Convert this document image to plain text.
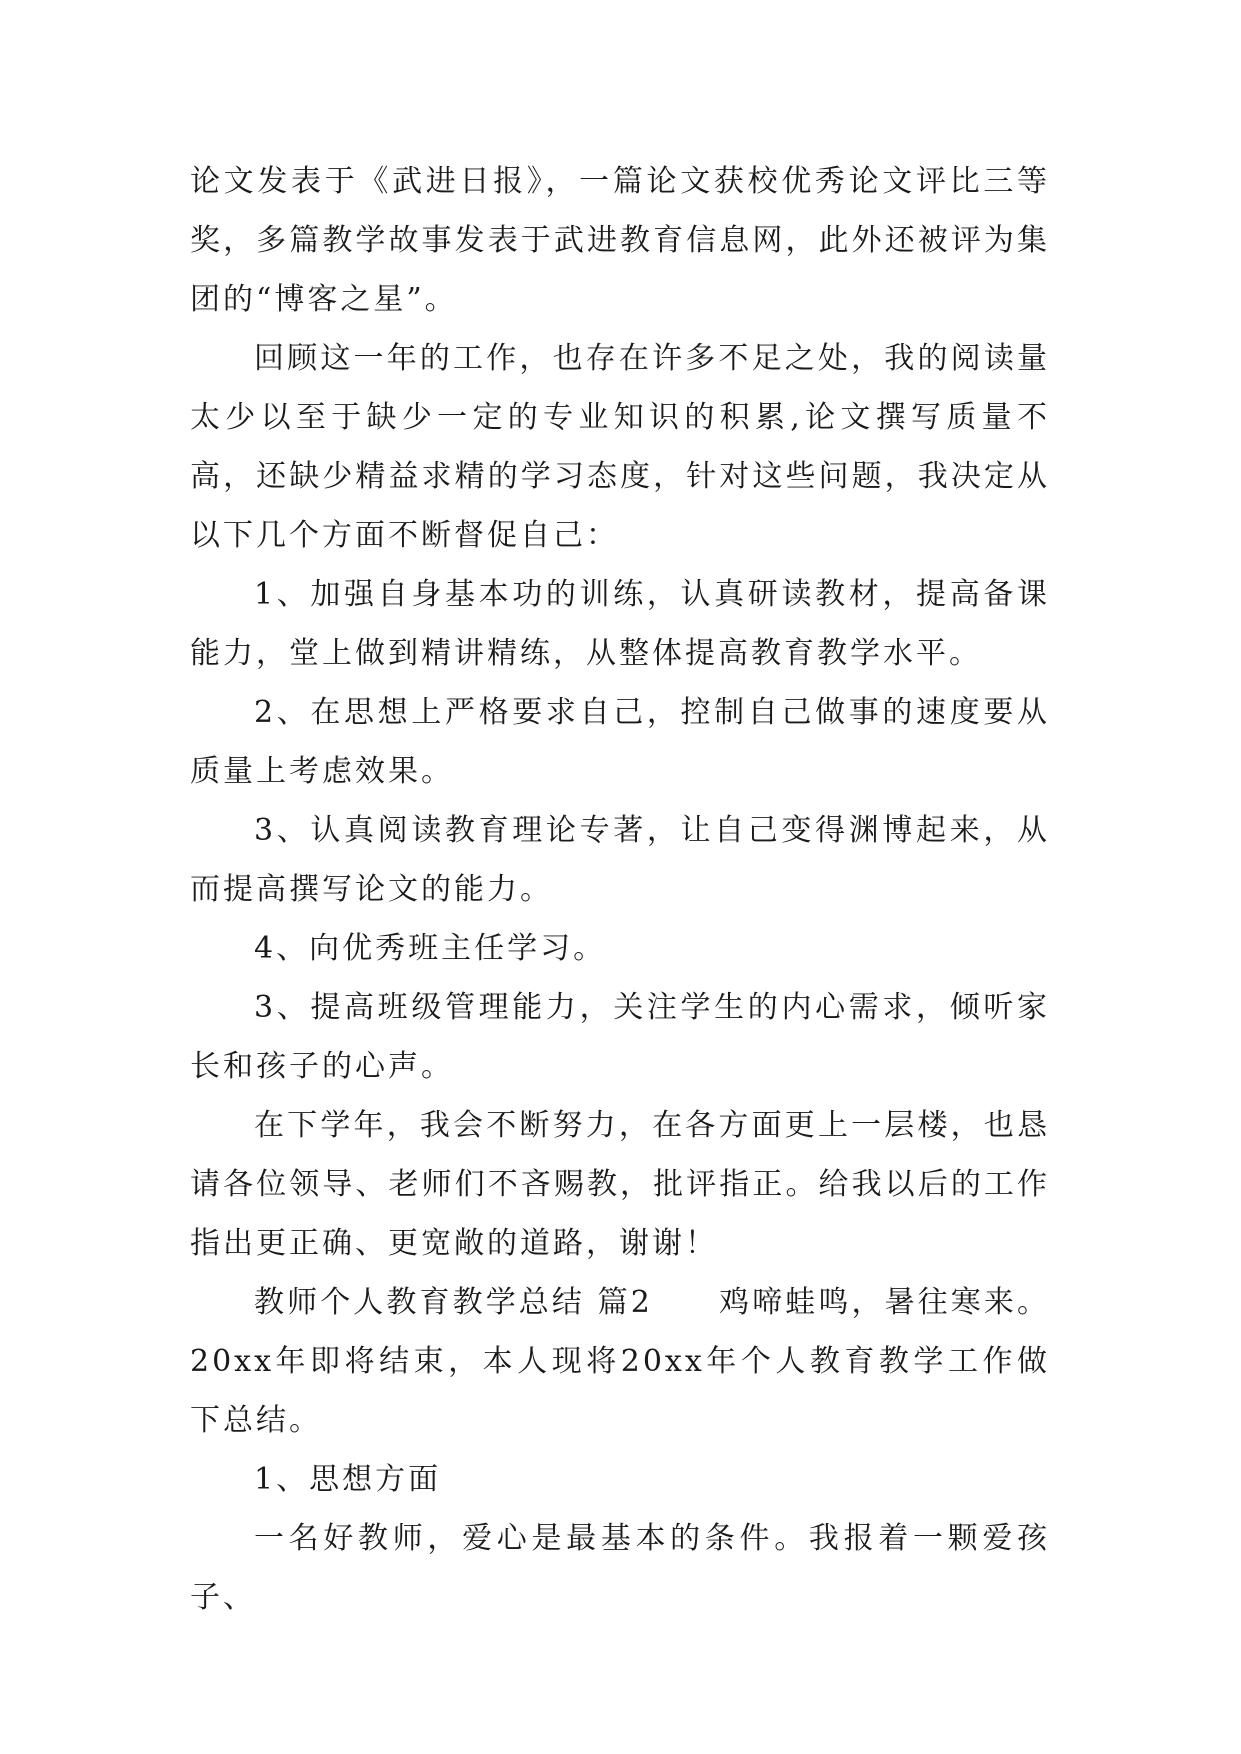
论文发表于《武进日报》，一篇论文获校优秀论文评比三等奖，多篇教学故事发表于武进教育信息网，此外还被评为集团的“博客之星”。

回顾这一年的工作，也存在许多不足之处，我的阅读量太少以至于缺少一定的专业知识的积累,论文撰写质量不高，还缺少精益求精的学习态度，针对这些问题，我决定从以下几个方面不断督促自己：

1、加强自身基本功的训练，认真研读教材，提高备课能力，堂上做到精讲精练，从整体提高教育教学水平。

2、在思想上严格要求自己，控制自己做事的速度要从质量上考虑效果。

3、认真阅读教育理论专著，让自己变得渊博起来，从而提高撰写论文的能力。

4、向优秀班主任学习。

3、提高班级管理能力，关注学生的内心需求，倾听家长和孩子的心声。

在下学年，我会不断努力，在各方面更上一层楼，也恳请各位领导、老师们不吝赐教，批评指正。给我以后的工作指出更正确、更宽敞的道路，谢谢！

教师个人教育教学总结 篇2　　鸡啼蛙鸣，暑往寒来。20xx年即将结束，本人现将20xx年个人教育教学工作做下总结。

1、思想方面

一名好教师，爱心是最基本的条件。我报着一颗爱孩子、
